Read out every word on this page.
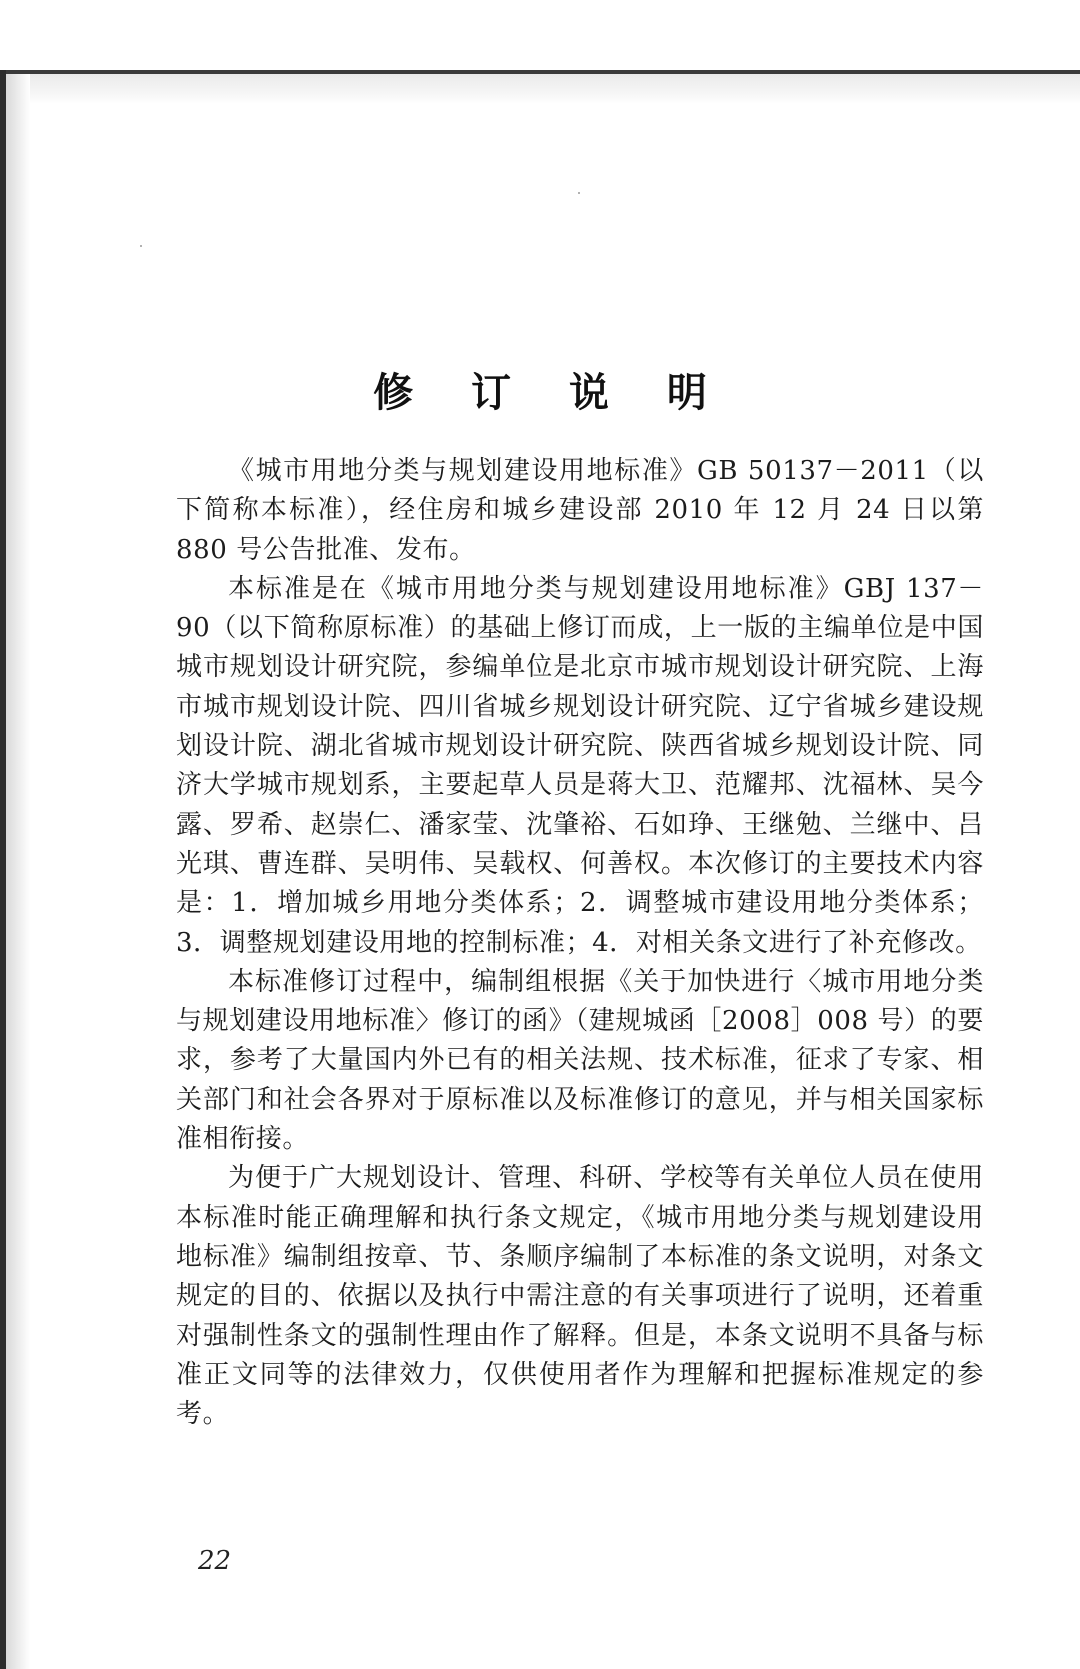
修 订 说 明

《城市用地分类与规划建设用地标准》GB 50137－2011（以下简称本标准），经住房和城乡建设部 2010 年 12 月 24 日以第 880 号公告批准、发布。

本标准是在《城市用地分类与规划建设用地标准》GBJ 137－90（以下简称原标准）的基础上修订而成，上一版的主编单位是中国城市规划设计研究院，参编单位是北京市城市规划设计研究院、上海市城市规划设计院、四川省城乡规划设计研究院、辽宁省城乡建设规划设计院、湖北省城市规划设计研究院、陕西省城乡规划设计院、同济大学城市规划系，主要起草人员是蒋大卫、范耀邦、沈福林、吴今露、罗希、赵崇仁、潘家莹、沈肇裕、石如琤、王继勉、兰继中、吕光琪、曹连群、吴明伟、吴载权、何善权。本次修订的主要技术内容是：1．增加城乡用地分类体系；2．调整城市建设用地分类体系；3．调整规划建设用地的控制标准；4．对相关条文进行了补充修改。

本标准修订过程中，编制组根据《关于加快进行〈城市用地分类与规划建设用地标准〉修订的函》（建规城函［2008］008 号）的要求，参考了大量国内外已有的相关法规、技术标准，征求了专家、相关部门和社会各界对于原标准以及标准修订的意见，并与相关国家标准相衔接。

为便于广大规划设计、管理、科研、学校等有关单位人员在使用本标准时能正确理解和执行条文规定，《城市用地分类与规划建设用地标准》编制组按章、节、条顺序编制了本标准的条文说明，对条文规定的目的、依据以及执行中需注意的有关事项进行了说明，还着重对强制性条文的强制性理由作了解释。但是，本条文说明不具备与标准正文同等的法律效力，仅供使用者作为理解和把握标准规定的参考。

22
